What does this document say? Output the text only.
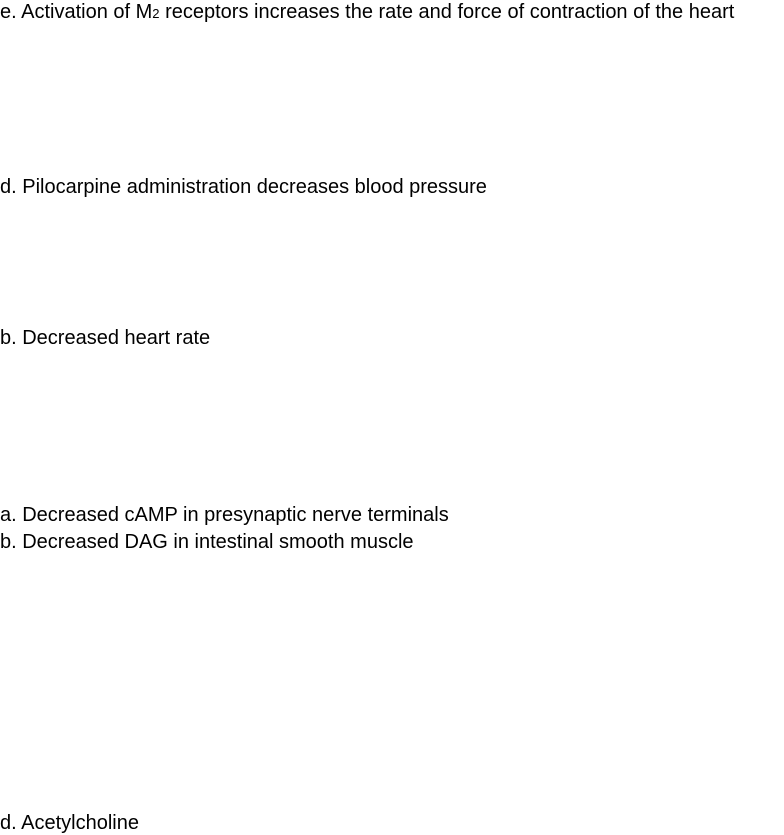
e. Activation of M2 receptors increases the rate and force of contraction of the heart

d. Pilocarpine administration decreases blood pressure

b. Decreased heart rate

a. Decreased cAMP in presynaptic nerve terminals

b. Decreased DAG in intestinal smooth muscle

d. Acetylcholine
